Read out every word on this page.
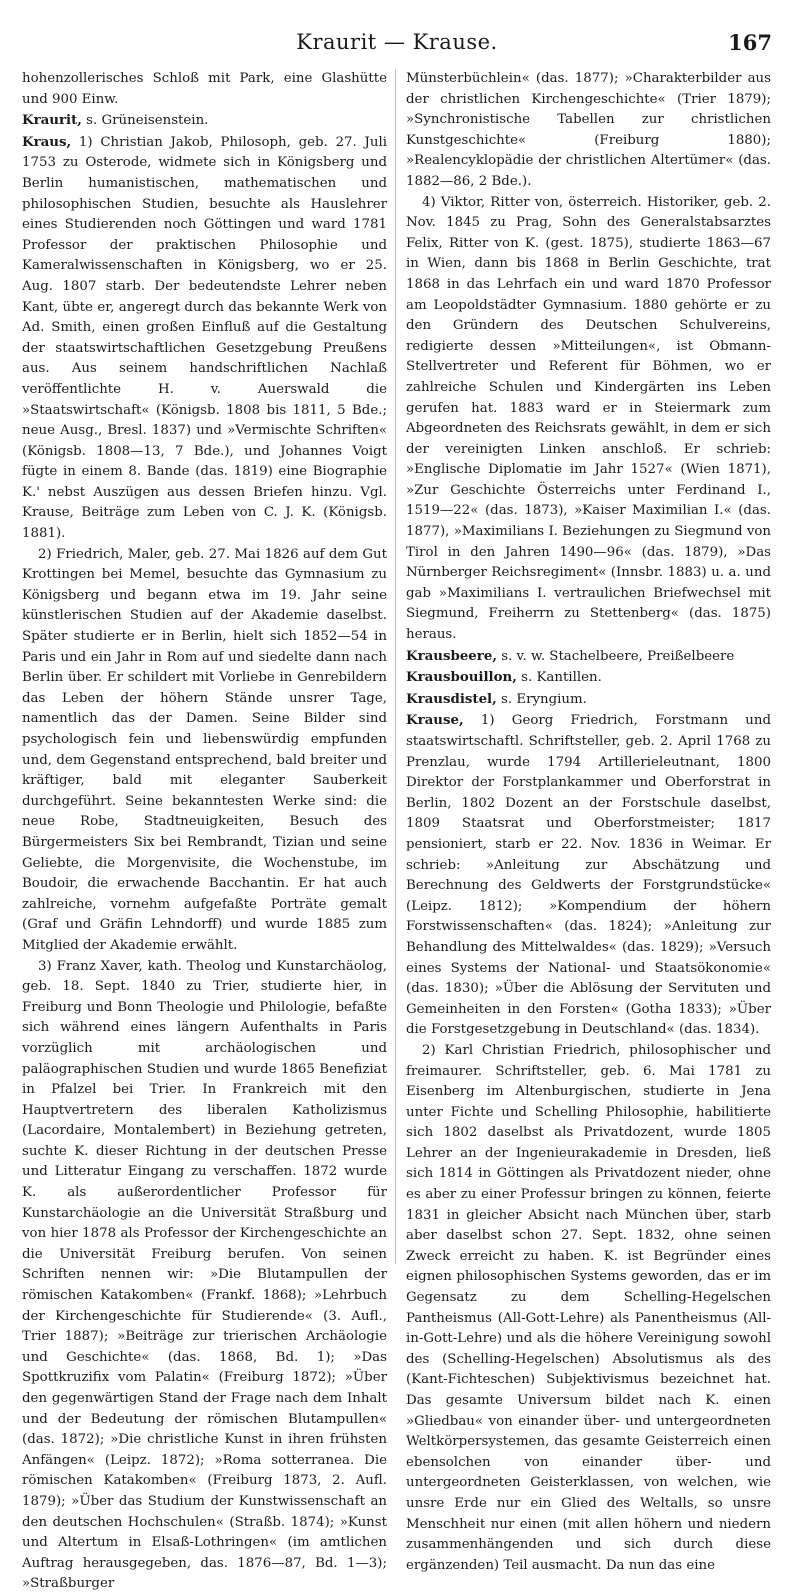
Kraurit — Krause.	167

hohenzollerisches Schloß mit Park, eine Glashütte und 900 Einw.

Kraurit, s. Grüneisenstein.

Kraus, 1) Christian Jakob, Philosoph, geb. 27. Juli 1753 zu Osterode, widmete sich in Königsberg und Berlin humanistischen, mathematischen und philosophischen Studien, besuchte als Hauslehrer eines Studierenden noch Göttingen und ward 1781 Professor der praktischen Philosophie und Kameralwissenschaften in Königsberg, wo er 25. Aug. 1807 starb. Der bedeutendste Lehrer neben Kant, übte er, angeregt durch das bekannte Werk von Ad. Smith, einen großen Einfluß auf die Gestaltung der staatswirtschaftlichen Gesetzgebung Preußens aus. Aus seinem handschriftlichen Nachlaß veröffentlichte H. v. Auerswald die »Staatswirtschaft« (Königsb. 1808 bis 1811, 5 Bde.; neue Ausg., Bresl. 1837) und »Vermischte Schriften« (Königsb. 1808—13, 7 Bde.), und Johannes Voigt fügte in einem 8. Bande (das. 1819) eine Biographie K.' nebst Auszügen aus dessen Briefen hinzu. Vgl. Krause, Beiträge zum Leben von C. J. K. (Königsb. 1881).

2) Friedrich, Maler, geb. 27. Mai 1826 auf dem Gut Krottingen bei Memel, besuchte das Gymnasium zu Königsberg und begann etwa im 19. Jahr seine künstlerischen Studien auf der Akademie daselbst. Später studierte er in Berlin, hielt sich 1852—54 in Paris und ein Jahr in Rom auf und siedelte dann nach Berlin über. Er schildert mit Vorliebe in Genrebildern das Leben der höhern Stände unsrer Tage, namentlich das der Damen. Seine Bilder sind psychologisch fein und liebenswürdig empfunden und, dem Gegenstand entsprechend, bald breiter und kräftiger, bald mit eleganter Sauberkeit durchgeführt. Seine bekanntesten Werke sind: die neue Robe, Stadtneuigkeiten, Besuch des Bürgermeisters Six bei Rembrandt, Tizian und seine Geliebte, die Morgenvisite, die Wochenstube, im Boudoir, die erwachende Bacchantin. Er hat auch zahlreiche, vornehm aufgefaßte Porträte gemalt (Graf und Gräfin Lehndorff) und wurde 1885 zum Mitglied der Akademie erwählt.

3) Franz Xaver, kath. Theolog und Kunstarchäolog, geb. 18. Sept. 1840 zu Trier, studierte hier, in Freiburg und Bonn Theologie und Philologie, befaßte sich während eines längern Aufenthalts in Paris vorzüglich mit archäologischen und paläographischen Studien und wurde 1865 Benefiziat in Pfalzel bei Trier. In Frankreich mit den Hauptvertretern des liberalen Katholizismus (Lacordaire, Montalembert) in Beziehung getreten, suchte K. dieser Richtung in der deutschen Presse und Litteratur Eingang zu verschaffen. 1872 wurde K. als außerordentlicher Professor für Kunstarchäologie an die Universität Straßburg und von hier 1878 als Professor der Kirchengeschichte an die Universität Freiburg berufen. Von seinen Schriften nennen wir: »Die Blutampullen der römischen Katakomben« (Frankf. 1868); »Lehrbuch der Kirchengeschichte für Studierende« (3. Aufl., Trier 1887); »Beiträge zur trierischen Archäologie und Geschichte« (das. 1868, Bd. 1); »Das Spottkruzifix vom Palatin« (Freiburg 1872); »Über den gegenwärtigen Stand der Frage nach dem Inhalt und der Bedeutung der römischen Blutampullen« (das. 1872); »Die christliche Kunst in ihren frühsten Anfängen« (Leipz. 1872); »Roma sotterranea. Die römischen Katakomben« (Freiburg 1873, 2. Aufl. 1879); »Über das Studium der Kunstwissenschaft an den deutschen Hochschulen« (Straßb. 1874); »Kunst und Altertum in Elsaß-Lothringen« (im amtlichen Auftrag herausgegeben, das. 1876—87, Bd. 1—3); »Straßburger

Münsterbüchlein« (das. 1877); »Charakterbilder aus der christlichen Kirchengeschichte« (Trier 1879); »Synchronistische Tabellen zur christlichen Kunstgeschichte« (Freiburg 1880); »Realencyklopädie der christlichen Altertümer« (das. 1882—86, 2 Bde.).

4) Viktor, Ritter von, österreich. Historiker, geb. 2. Nov. 1845 zu Prag, Sohn des Generalstabsarztes Felix, Ritter von K. (gest. 1875), studierte 1863—67 in Wien, dann bis 1868 in Berlin Geschichte, trat 1868 in das Lehrfach ein und ward 1870 Professor am Leopoldstädter Gymnasium. 1880 gehörte er zu den Gründern des Deutschen Schulvereins, redigierte dessen »Mitteilungen«, ist Obmann-Stellvertreter und Referent für Böhmen, wo er zahlreiche Schulen und Kindergärten ins Leben gerufen hat. 1883 ward er in Steiermark zum Abgeordneten des Reichsrats gewählt, in dem er sich der vereinigten Linken anschloß. Er schrieb: »Englische Diplomatie im Jahr 1527« (Wien 1871), »Zur Geschichte Österreichs unter Ferdinand I., 1519—22« (das. 1873), »Kaiser Maximilian I.« (das. 1877), »Maximilians I. Beziehungen zu Siegmund von Tirol in den Jahren 1490—96« (das. 1879), »Das Nürnberger Reichsregiment« (Innsbr. 1883) u. a. und gab »Maximilians I. vertraulichen Briefwechsel mit Siegmund, Freiherrn zu Stettenberg« (das. 1875) heraus.

Krausbeere, s. v. w. Stachelbeere, Preißelbeere

Krausbouillon, s. Kantillen.

Krausdistel, s. Eryngium.

Krause, 1) Georg Friedrich, Forstmann und staatswirtschaftl. Schriftsteller, geb. 2. April 1768 zu Prenzlau, wurde 1794 Artillerieleutnant, 1800 Direktor der Forstplankammer und Oberforstrat in Berlin, 1802 Dozent an der Forstschule daselbst, 1809 Staatsrat und Oberforstmeister; 1817 pensioniert, starb er 22. Nov. 1836 in Weimar. Er schrieb: »Anleitung zur Abschätzung und Berechnung des Geldwerts der Forstgrundstücke« (Leipz. 1812); »Kompendium der höhern Forstwissenschaften« (das. 1824); »Anleitung zur Behandlung des Mittelwaldes« (das. 1829); »Versuch eines Systems der National- und Staatsökonomie« (das. 1830); »Über die Ablösung der Servituten und Gemeinheiten in den Forsten« (Gotha 1833); »Über die Forstgesetzgebung in Deutschland« (das. 1834).

2) Karl Christian Friedrich, philosophischer und freimaurer. Schriftsteller, geb. 6. Mai 1781 zu Eisenberg im Altenburgischen, studierte in Jena unter Fichte und Schelling Philosophie, habilitierte sich 1802 daselbst als Privatdozent, wurde 1805 Lehrer an der Ingenieurakademie in Dresden, ließ sich 1814 in Göttingen als Privatdozent nieder, ohne es aber zu einer Professur bringen zu können, feierte 1831 in gleicher Absicht nach München über, starb aber daselbst schon 27. Sept. 1832, ohne seinen Zweck erreicht zu haben. K. ist Begründer eines eignen philosophischen Systems geworden, das er im Gegensatz zu dem Schelling-Hegelschen Pantheismus (All-Gott-Lehre) als Panentheismus (All-in-Gott-Lehre) und als die höhere Vereinigung sowohl des (Schelling-Hegelschen) Absolutismus als des (Kant-Fichteschen) Subjektivismus bezeichnet hat. Das gesamte Universum bildet nach K. einen »Gliedbau« von einander über- und untergeordneten Weltkörpersystemen, das gesamte Geisterreich einen ebensolchen von einander über- und untergeordneten Geisterklassen, von welchen, wie unsre Erde nur ein Glied des Weltalls, so unsre Menschheit nur einen (mit allen höhern und niedern zusammenhängenden und sich durch diese ergänzenden) Teil ausmacht. Da nun das eine
